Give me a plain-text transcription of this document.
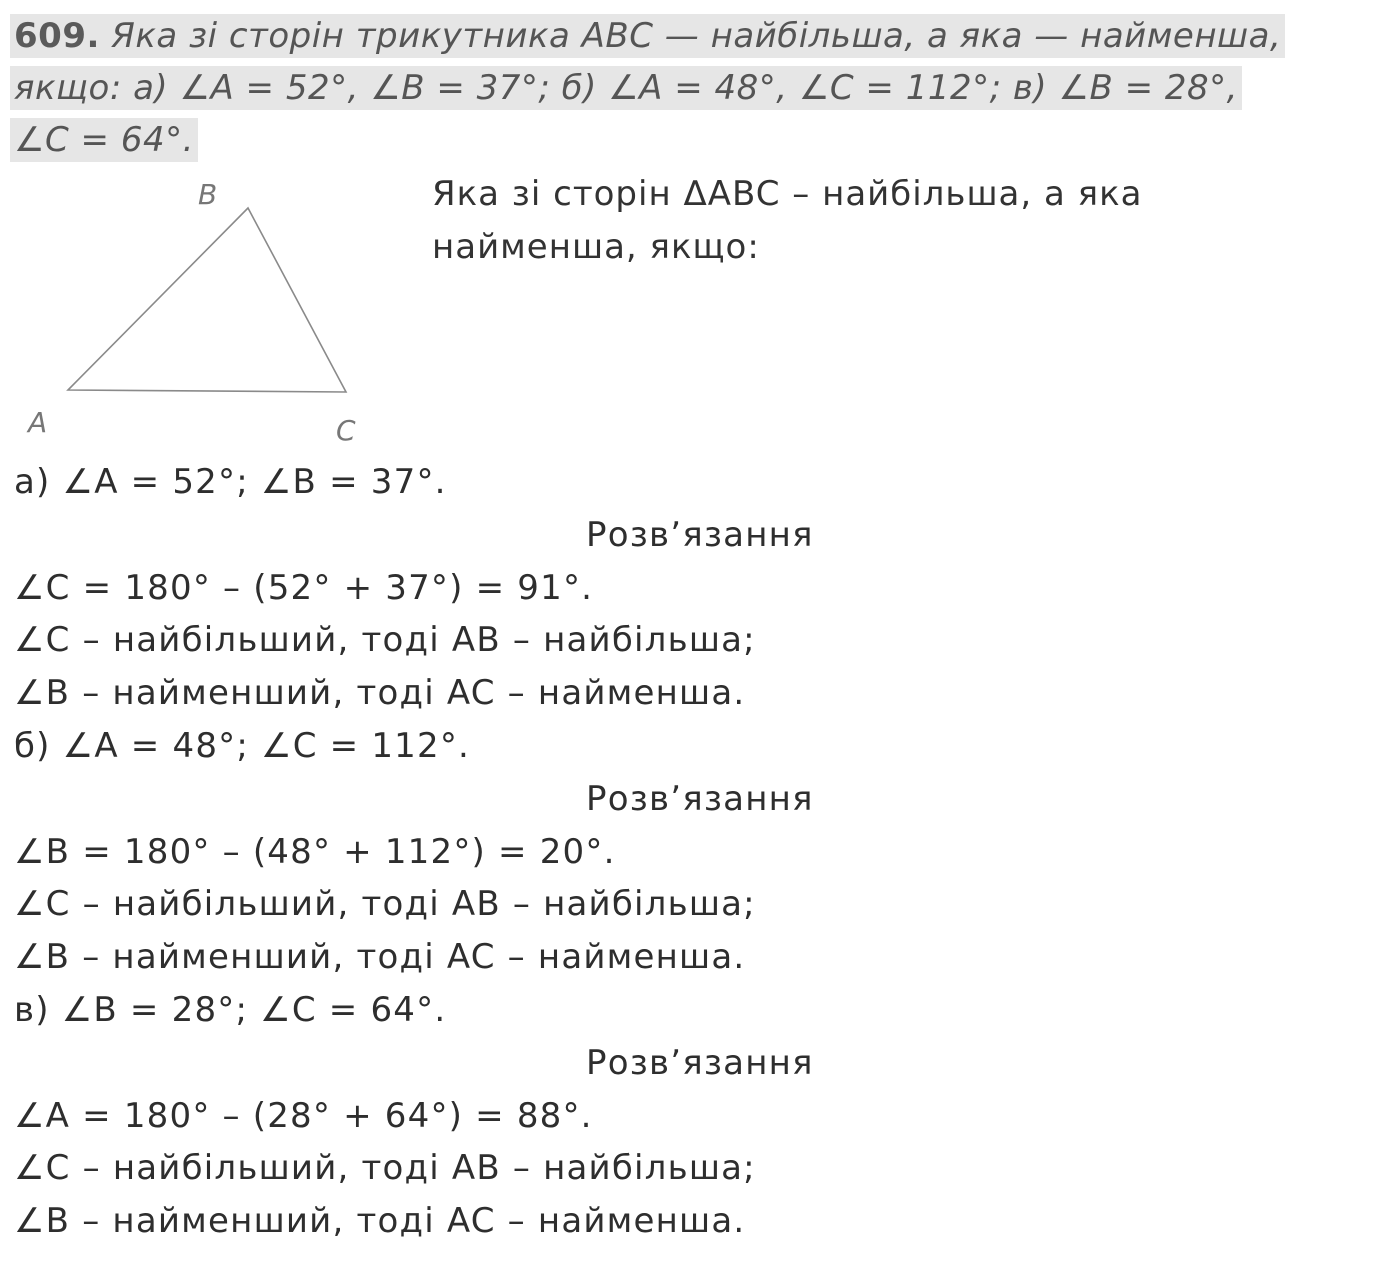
609. Яка зі сторін трикутника ABC — найбільша, а яка — найменша,
якщо: а) ∠A = 52°, ∠B = 37°; б) ∠A = 48°, ∠C = 112°; в) ∠B = 28°,
∠C = 64°.
A
B
C
Яка зі сторін ΔABC – найбільша, а яка
найменша, якщо:
а) ∠A = 52°; ∠B = 37°.
Розв’язання
∠C = 180° – (52° + 37°) = 91°.
∠C – найбільший, тоді AB – найбільша;
∠B – найменший, тоді AC – найменша.
б) ∠A = 48°; ∠C = 112°.
Розв’язання
∠B = 180° – (48° + 112°) = 20°.
∠C – найбільший, тоді AB – найбільша;
∠B – найменший, тоді AC – найменша.
в) ∠B = 28°; ∠C = 64°.
Розв’язання
∠A = 180° – (28° + 64°) = 88°.
∠C – найбільший, тоді AB – найбільша;
∠B – найменший, тоді AC – найменша.
